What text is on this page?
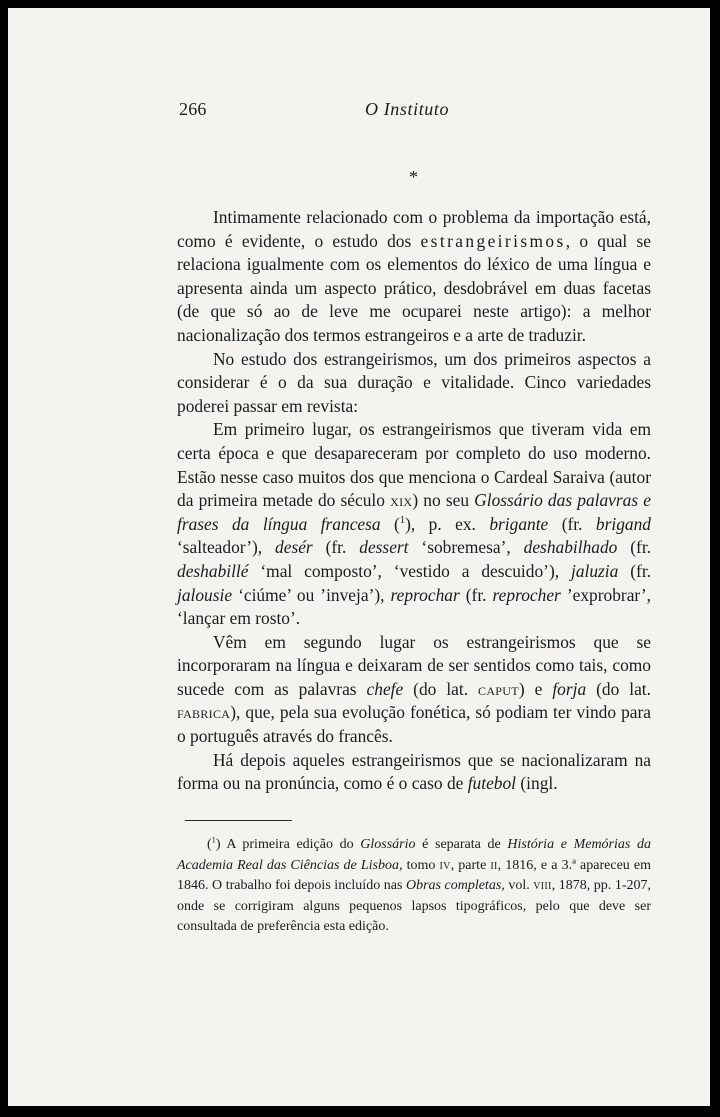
266	O Instituto
*

Intimamente relacionado com o problema da importação está, como é evidente, o estudo dos estrangeirismos, o qual se relaciona igualmente com os elementos do léxico de uma língua e apresenta ainda um aspecto prático, desdobrável em duas facetas (de que só ao de leve me ocuparei neste artigo): a melhor nacionalização dos termos estrangeiros e a arte de traduzir.

No estudo dos estrangeirismos, um dos primeiros aspectos a considerar é o da sua duração e vitalidade. Cinco variedades poderei passar em revista:

Em primeiro lugar, os estrangeirismos que tiveram vida em certa época e que desapareceram por completo do uso moderno. Estão nesse caso muitos dos que menciona o Cardeal Saraiva (autor da primeira metade do século xix) no seu Glossário das palavras e frases da língua francesa ($^1$), p. ex. brigante (fr. brigand ‘salteador’), desér (fr. dessert ‘sobremesa’, deshabilhado (fr. deshabillé ‘mal composto’, ‘vestido a descuido’), jaluzia (fr. jalousie ‘ciúme’ ou ’inveja’), reprochar (fr. reprocher ’exprobrar’, ‘lançar em rosto’.

Vêm em segundo lugar os estrangeirismos que se incorporaram na língua e deixaram de ser sentidos como tais, como sucede com as palavras chefe (do lat. caput) e forja (do lat. fabrica), que, pela sua evolução fonética, só podiam ter vindo para o português através do francês.

Há depois aqueles estrangeirismos que se nacionalizaram na forma ou na pronúncia, como é o caso de futebol (ingl.

($^1$) A primeira edição do Glossário é separata de História e Memórias da Academia Real das Ciências de Lisboa, tomo iv, parte ii, 1816, e a 3.ª apareceu em 1846. O trabalho foi depois incluído nas Obras completas, vol. viii, 1878, pp. 1-207, onde se corrigiram alguns pequenos lapsos tipográficos, pelo que deve ser consultada de preferência esta edição.
